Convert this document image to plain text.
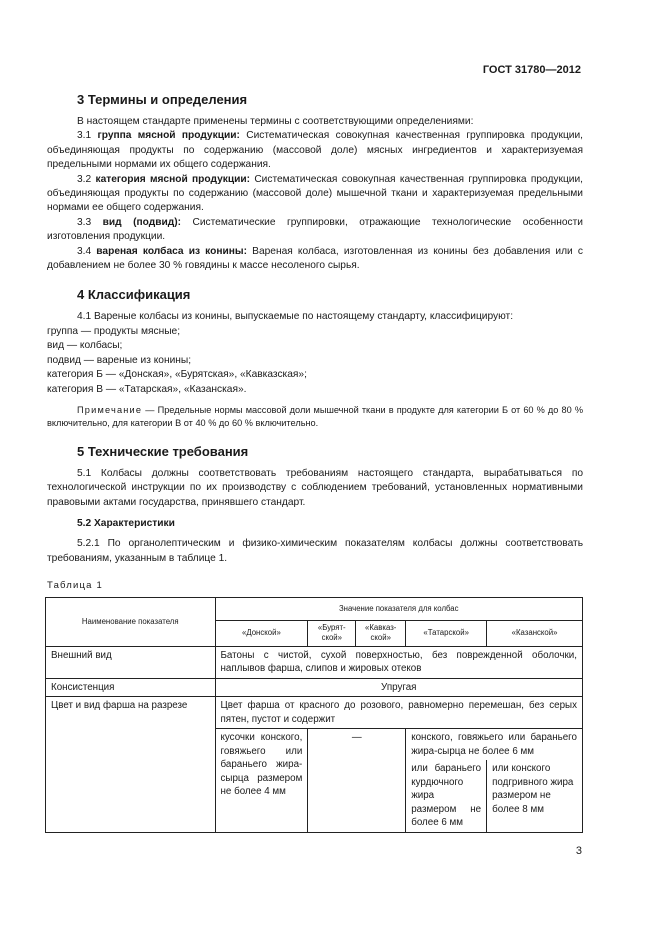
ГОСТ 31780—2012
3 Термины и определения

В настоящем стандарте применены термины с соответствующими определениями:

3.1 группа мясной продукции: Систематическая совокупная качественная группировка продукции, объединяющая продукты по содержанию (массовой доле) мясных ингредиентов и характеризуемая предельными нормами их общего содержания.

3.2 категория мясной продукции: Систематическая совокупная качественная группировка продукции, объединяющая продукты по содержанию (массовой доле) мышечной ткани и характеризуемая предельными нормами ее общего содержания.

3.3 вид (подвид): Систематические группировки, отражающие технологические особенности изготовления продукции.

3.4 вареная колбаса из конины: Вареная колбаса, изготовленная из конины без добавления или с добавлением не более 30 % говядины к массе несоленого сырья.

4 Классификация

4.1 Вареные колбасы из конины, выпускаемые по настоящему стандарту, классифицируют:

группа — продукты мясные;

вид — колбасы;

подвид — вареные из конины;

категория Б — «Донская», «Бурятская», «Кавказская»;

категория В — «Татарская», «Казанская».

Примечание — Предельные нормы массовой доли мышечной ткани в продукте для категории Б от 60 % до 80 % включительно, для категории В от 40 % до 60 % включительно.

5 Технические требования

5.1 Колбасы должны соответствовать требованиям настоящего стандарта, вырабатываться по технологической инструкции по их производству с соблюдением требований, установленных нормативными правовыми актами государства, принявшего стандарт.

5.2 Характеристики

5.2.1 По органолептическим и физико-химическим показателям колбасы должны соответствовать требованиям, указанным в таблице 1.

Таблица 1
Наименование показателя	Значение показателя для колбас				
	«Донской»	«Бурят-ской»	«Кавказ-ской»	«Татарской»	«Казанской»
Внешний вид	Батоны с чистой, сухой поверхностью, без поврежденной оболочки, наплывов фарша, слипов и жировых отеков				
Консистенция	Упругая				
Цвет и вид фарша на разрезе	Цвет фарша от красного до розового, равномерно перемешан, без серых пятен, пустот и содержит				
	кусочки конского, говяжьего или бараньего жира-сырца размером не более 4 мм	—		конского, говяжьего или бараньего жира-сырца не более 6 мм	
				или бараньего курдючного жира размером не более 6 мм	или конского подгривного жира размером не более 8 мм
3
